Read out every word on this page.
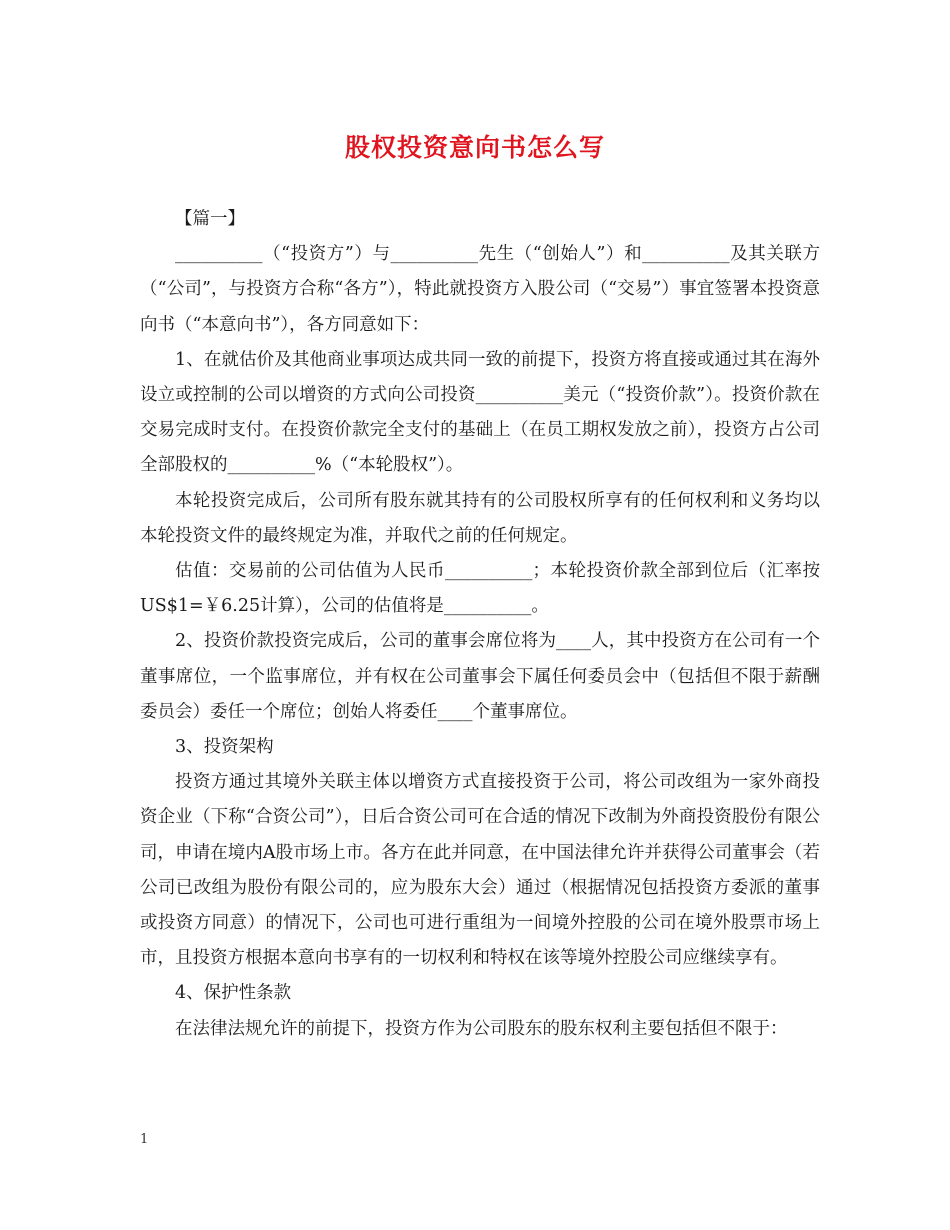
股权投资意向书怎么写

【篇一】

__________（“投资方”）与__________先生（“创始人”）和__________及其关联方（“公司”，与投资方合称“各方”），特此就投资方入股公司（“交易”）事宜签署本投资意向书（“本意向书”），各方同意如下：

1、在就估价及其他商业事项达成共同一致的前提下，投资方将直接或通过其在海外设立或控制的公司以增资的方式向公司投资__________美元（“投资价款”）。投资价款在交易完成时支付。在投资价款完全支付的基础上（在员工期权发放之前），投资方占公司全部股权的__________%（“本轮股权”）。

本轮投资完成后，公司所有股东就其持有的公司股权所享有的任何权利和义务均以本轮投资文件的最终规定为准，并取代之前的任何规定。

估值：交易前的公司估值为人民币__________；本轮投资价款全部到位后（汇率按US$1=￥6.25计算），公司的估值将是__________。

2、投资价款投资完成后，公司的董事会席位将为____人，其中投资方在公司有一个董事席位，一个监事席位，并有权在公司董事会下属任何委员会中（包括但不限于薪酬委员会）委任一个席位；创始人将委任____个董事席位。

3、投资架构

投资方通过其境外关联主体以增资方式直接投资于公司，将公司改组为一家外商投资企业（下称“合资公司”），日后合资公司可在合适的情况下改制为外商投资股份有限公司，申请在境内A股市场上市。各方在此并同意，在中国法律允许并获得公司董事会（若公司已改组为股份有限公司的，应为股东大会）通过（根据情况包括投资方委派的董事或投资方同意）的情况下，公司也可进行重组为一间境外控股的公司在境外股票市场上市，且投资方根据本意向书享有的一切权利和特权在该等境外控股公司应继续享有。

4、保护性条款

在法律法规允许的前提下，投资方作为公司股东的股东权利主要包括但不限于：

1
